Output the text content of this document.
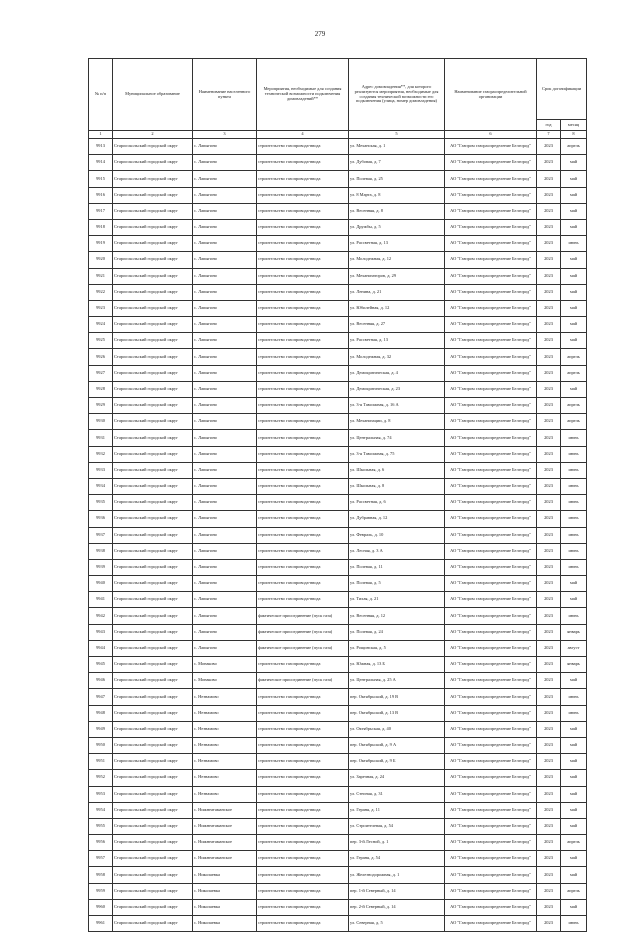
279
№ п/п	Муниципальное образование	Наименование населенного пункта	Мероприятия, необходимые для создания технической возможности подключения домовладений**	Адрес домовладения**, для которого реализуются мероприятия, необходимые для создания технической возможности его подключения (улица, номер домовладения)	Наименование газораспределительной организации	Срок догазификации	
						год	месяц
1	2	3	4	5	6	7	8
9913	Старооскольский городской округ	с. Лапыгино	строительство газопровода-ввода	ул. Механская, д. 1	АО "Газпром газораспределение Белгород"	2023	апрель
9914	Старооскольский городской округ	с. Лапыгино	строительство газопровода-ввода	ул. Дубовая, д. 7	АО "Газпром газораспределение Белгород"	2023	май
9915	Старооскольский городской округ	с. Лапыгино	строительство газопровода-ввода	ул. Полевая, д. 25	АО "Газпром газораспределение Белгород"	2023	май
9916	Старооскольский городской округ	с. Лапыгино	строительство газопровода-ввода	ул. 8 Марта, д. 8	АО "Газпром газораспределение Белгород"	2023	май
9917	Старооскольский городской округ	с. Лапыгино	строительство газопровода-ввода	ул. Весенняя, д. 8	АО "Газпром газораспределение Белгород"	2023	май
9918	Старооскольский городской округ	с. Лапыгино	строительство газопровода-ввода	ул. Дружбы, д. 5	АО "Газпром газораспределение Белгород"	2023	май
9919	Старооскольский городской округ	с. Лапыгино	строительство газопровода-ввода	ул. Рассветная, д. 13	АО "Газпром газораспределение Белгород"	2023	июнь
9920	Старооскольский городской округ	с. Лапыгино	строительство газопровода-ввода	ул. Молодежная, д. 12	АО "Газпром газораспределение Белгород"	2023	май
9921	Старооскольский городской округ	с. Лапыгино	строительство газопровода-ввода	ул. Механизаторов, д. 29	АО "Газпром газораспределение Белгород"	2023	май
9922	Старооскольский городской округ	с. Лапыгино	строительство газопровода-ввода	ул. Ленина, д. 21	АО "Газпром газораспределение Белгород"	2023	май
9923	Старооскольский городской округ	с. Лапыгино	строительство газопровода-ввода	ул. Юбилейная, д. 12	АО "Газпром газораспределение Белгород"	2023	май
9924	Старооскольский городской округ	с. Лапыгино	строительство газопровода-ввода	ул. Весенняя, д. 27	АО "Газпром газораспределение Белгород"	2023	май
9925	Старооскольский городской округ	с. Лапыгино	строительство газопровода-ввода	ул. Рассветная, д. 13	АО "Газпром газораспределение Белгород"	2023	май
9926	Старооскольский городской округ	с. Лапыгино	строительство газопровода-ввода	ул. Молодежная, д. 32	АО "Газпром газораспределение Белгород"	2023	апрель
9927	Старооскольский городской округ	с. Лапыгино	строительство газопровода-ввода	ул. Демократическая, д. 4	АО "Газпром газораспределение Белгород"	2023	апрель
9928	Старооскольский городской округ	с. Лапыгино	строительство газопровода-ввода	ул. Демократическая, д. 23	АО "Газпром газораспределение Белгород"	2023	май
9929	Старооскольский городской округ	с. Лапыгино	строительство газопровода-ввода	ул. 3-я Таволжная, д. 16 А	АО "Газпром газораспределение Белгород"	2023	апрель
9930	Старооскольский городской округ	с. Лапыгино	строительство газопровода-ввода	ул. Механизации, д. 8	АО "Газпром газораспределение Белгород"	2023	апрель
9931	Старооскольский городской округ	с. Лапыгино	строительство газопровода-ввода	ул. Центральная, д. 74	АО "Газпром газораспределение Белгород"	2023	июнь
9932	Старооскольский городской округ	с. Лапыгино	строительство газопровода-ввода	ул. 3-я Таволжная, д. 75	АО "Газпром газораспределение Белгород"	2023	июнь
9933	Старооскольский городской округ	с. Лапыгино	строительство газопровода-ввода	ул. Школьная, д. 6	АО "Газпром газораспределение Белгород"	2023	июнь
9934	Старооскольский городской округ	с. Лапыгино	строительство газопровода-ввода	ул. Школьная, д. 8	АО "Газпром газораспределение Белгород"	2023	июнь
9935	Старооскольский городской округ	с. Лапыгино	строительство газопровода-ввода	ул. Рассветная, д. 6	АО "Газпром газораспределение Белгород"	2023	июнь
9936	Старооскольский городской округ	с. Лапыгино	строительство газопровода-ввода	ул. Дубравная, д. 12	АО "Газпром газораспределение Белгород"	2023	июнь
9937	Старооскольский городской округ	с. Лапыгино	строительство газопровода-ввода	ул. Февраль, д. 10	АО "Газпром газораспределение Белгород"	2023	июнь
9938	Старооскольский городской округ	с. Лапыгино	строительство газопровода-ввода	ул. Лесная, д. 3 А	АО "Газпром газораспределение Белгород"	2023	июнь
9939	Старооскольский городской округ	с. Лапыгино	строительство газопровода-ввода	ул. Полевая, д. 11	АО "Газпром газораспределение Белгород"	2023	июнь
9940	Старооскольский городской округ	с. Лапыгино	строительство газопровода-ввода	ул. Полевая, д. 5	АО "Газпром газораспределение Белгород"	2023	май
9941	Старооскольский городской округ	с. Лапыгино	строительство газопровода-ввода	ул. Тихая, д. 21	АО "Газпром газораспределение Белгород"	2023	май
9942	Старооскольский городской округ	с. Лапыгино	фактическое присоединение (пуск газа)	ул. Весенняя, д. 12	АО "Газпром газораспределение Белгород"	2023	июнь
9943	Старооскольский городской округ	с. Лапыгино	фактическое присоединение (пуск газа)	ул. Полевая, д. 24	АО "Газпром газораспределение Белгород"	2023	январь
9944	Старооскольский городской округ	с. Лапыгино	фактическое присоединение (пуск газа)	ул. Рощинская, д. 5	АО "Газпром газораспределение Белгород"	2023	август
9945	Старооскольский городской округ	с. Монаково	строительство газопровода-ввода	ул. Южная, д. 13 Б	АО "Газпром газораспределение Белгород"	2023	январь
9946	Старооскольский городской округ	с. Монаково	фактическое присоединение (пуск газа)	ул. Центральная, д. 25 А	АО "Газпром газораспределение Белгород"	2023	май
9947	Старооскольский городской округ	с. Незнамово	строительство газопровода-ввода	пер. Октябрьский, д. 19 В	АО "Газпром газораспределение Белгород"	2023	июнь
9948	Старооскольский городской округ	с. Незнамово	строительство газопровода-ввода	пер. Октябрьский, д. 13 В	АО "Газпром газораспределение Белгород"	2023	июнь
9949	Старооскольский городской округ	с. Незнамово	строительство газопровода-ввода	ул. Октябрьская, д. 40	АО "Газпром газораспределение Белгород"	2023	май
9950	Старооскольский городской округ	с. Незнамово	строительство газопровода-ввода	пер. Октябрьский, д. 9 А	АО "Газпром газораспределение Белгород"	2023	май
9951	Старооскольский городской округ	с. Незнамово	строительство газопровода-ввода	пер. Октябрьский, д. 9 Б	АО "Газпром газораспределение Белгород"	2023	май
9952	Старооскольский городской округ	с. Незнамово	строительство газопровода-ввода	ул. Заречная, д. 24	АО "Газпром газораспределение Белгород"	2023	май
9953	Старооскольский городской округ	с. Незнамово	строительство газопровода-ввода	ул. Степная, д. 31	АО "Газпром газораспределение Белгород"	2023	май
9954	Старооскольский городской округ	с. Нижнеатаманское	строительство газопровода-ввода	ул. Гераня, д. 11	АО "Газпром газораспределение Белгород"	2023	май
9955	Старооскольский городской округ	с. Нижнеатаманское	строительство газопровода-ввода	ул. Строителевая, д. 54	АО "Газпром газораспределение Белгород"	2023	май
9956	Старооскольский городской округ	с. Нижнеатаманское	строительство газопровода-ввода	пер. 3-й Лесной, д. 1	АО "Газпром газораспределение Белгород"	2023	апрель
9957	Старооскольский городской округ	с. Нижнеатаманское	строительство газопровода-ввода	ул. Гераня, д. 54	АО "Газпром газораспределение Белгород"	2023	май
9958	Старооскольский городской округ	с. Николаевка	строительство газопровода-ввода	ул. Железнодорожная, д. 1	АО "Газпром газораспределение Белгород"	2023	май
9959	Старооскольский городской округ	с. Николаевка	строительство газопровода-ввода	пер. 1-й Северный, д. 14	АО "Газпром газораспределение Белгород"	2023	апрель
9960	Старооскольский городской округ	с. Николаевка	строительство газопровода-ввода	пер. 2-й Северный, д. 14	АО "Газпром газораспределение Белгород"	2023	май
9961	Старооскольский городской округ	с. Николаевка	строительство газопровода-ввода	ул. Северная, д. 5	АО "Газпром газораспределение Белгород"	2023	июнь
